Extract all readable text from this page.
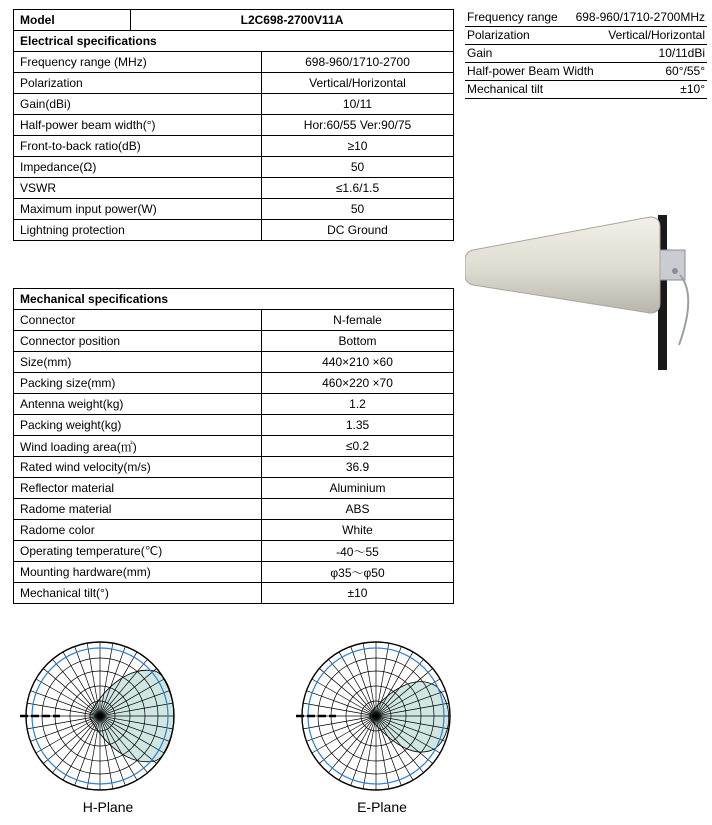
Model	L2C698-2700V11A	
Electrical specifications		
Frequency range (MHz)		698-960/1710-2700
Polarization		Vertical/Horizontal
Gain(dBi)		10/11
Half-power beam width(°)		Hor:60/55 Ver:90/75
Front-to-back ratio(dB)		≥10
Impedance(Ω)		50
VSWR		≤1.6/1.5
Maximum input power(W)		50
Lightning protection		DC Ground
Mechanical specifications	
Connector	N-female
Connector position	Bottom
Size(mm)	440×210 ×60
Packing size(mm)	460×220 ×70
Antenna weight(kg)	1.2
Packing weight(kg)	1.35
Wind loading area(㎡)	≤0.2
Rated wind velocity(m/s)	36.9
Reflector material	Aluminium
Radome material	ABS
Radome color	White
Operating temperature(℃)	-40～55
Mounting hardware(mm)	φ35～φ50
Mechanical tilt(°)	±10
Frequency range 698-960/1710-2700MHz
Polarization	Vertical/Horizontal
Gain	10/11dBi
Half-power Beam Width	60°/55°
Mechanical tilt	±10°
H-Plane	E-Plane
